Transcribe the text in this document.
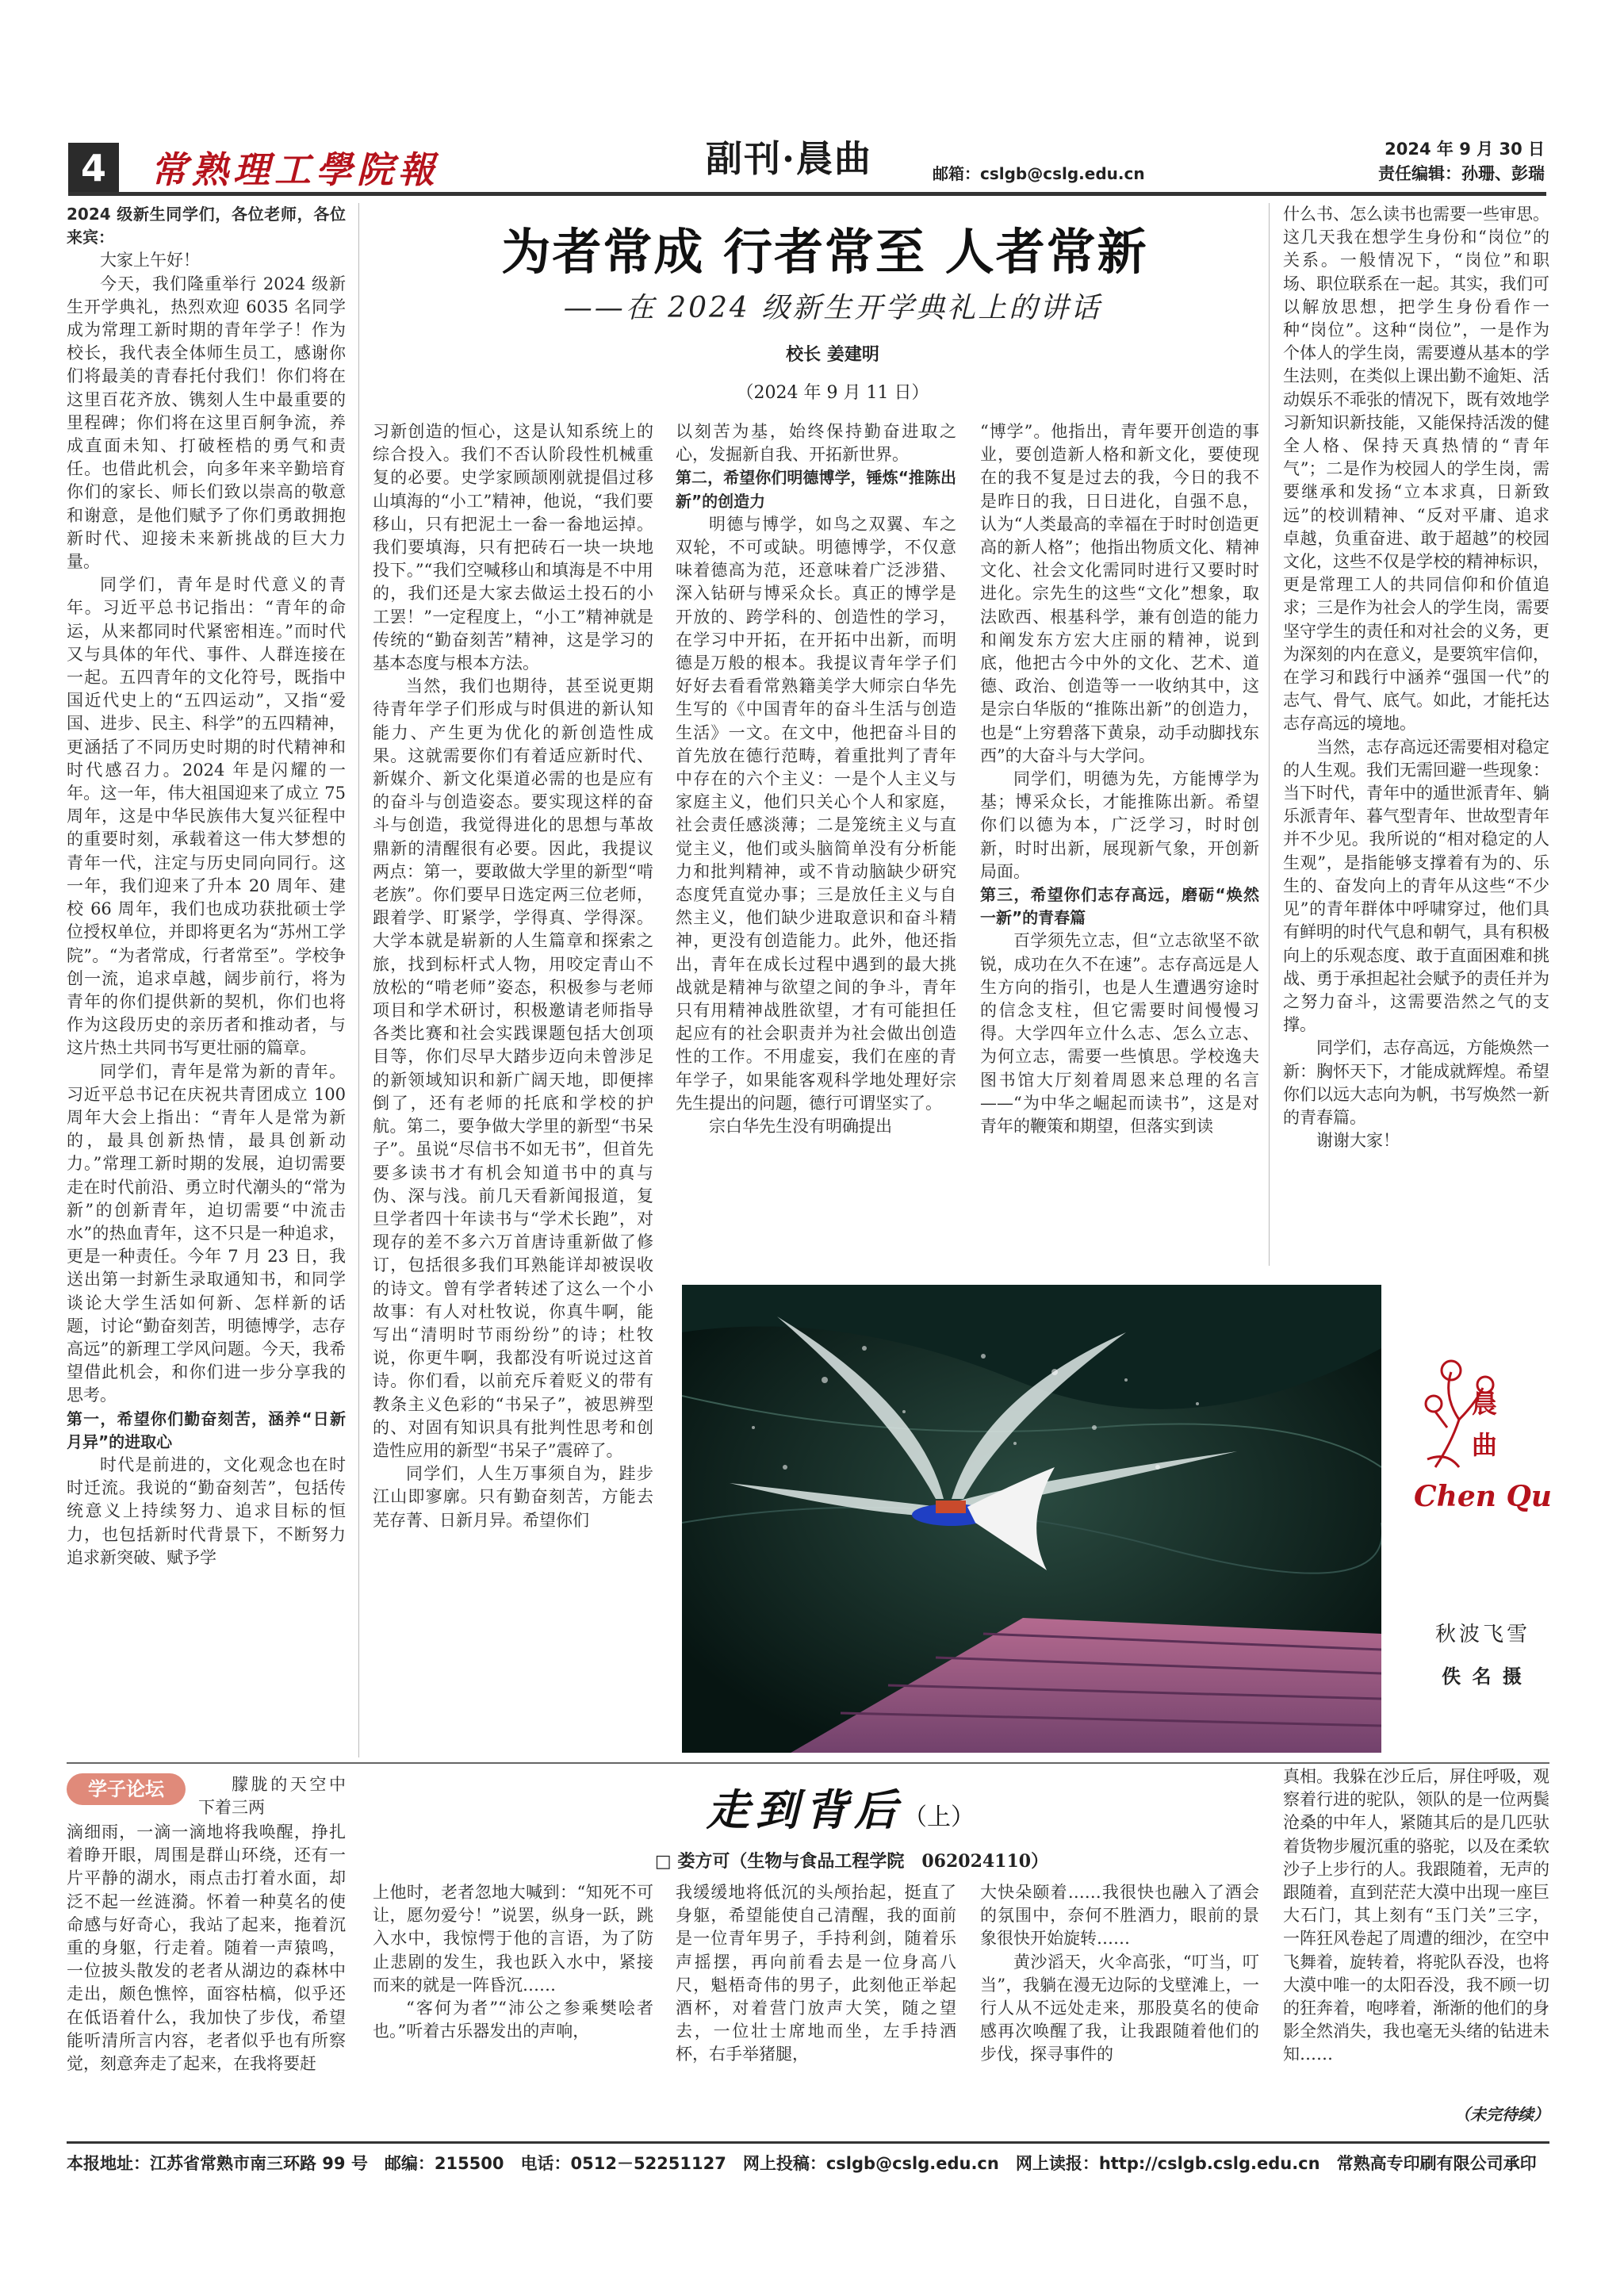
4	常熟理工學院報	副刊·晨曲	邮箱：cslgb@cslg.edu.cn
2024 年 9 月 30 日
责任编辑：孙珊、彭瑞
为者常成 行者常至 人者常新
——在 2024 级新生开学典礼上的讲话
校长 姜建明
（2024 年 9 月 11 日）

2024 级新生同学们，各位老师，各位来宾：

大家上午好！

今天，我们隆重举行 2024 级新生开学典礼，热烈欢迎 6035 名同学成为常理工新时期的青年学子！作为校长，我代表全体师生员工，感谢你们将最美的青春托付我们！你们将在这里百花齐放、镌刻人生中最重要的里程碑；你们将在这里百舸争流，养成直面未知、打破桎梏的勇气和责任。也借此机会，向多年来辛勤培育你们的家长、师长们致以崇高的敬意和谢意，是他们赋予了你们勇敢拥抱新时代、迎接未来新挑战的巨大力量。

同学们，青年是时代意义的青年。习近平总书记指出：“青年的命运，从来都同时代紧密相连。”而时代又与具体的年代、事件、人群连接在一起。五四青年的文化符号，既指中国近代史上的“五四运动”，又指“爱国、进步、民主、科学”的五四精神，更涵括了不同历史时期的时代精神和时代感召力。2024 年是闪耀的一年。这一年，伟大祖国迎来了成立 75 周年，这是中华民族伟大复兴征程中的重要时刻，承载着这一伟大梦想的青年一代，注定与历史同向同行。这一年，我们迎来了升本 20 周年、建校 66 周年，我们也成功获批硕士学位授权单位，并即将更名为“苏州工学院”。“为者常成，行者常至”。学校争创一流，追求卓越，阔步前行，将为青年的你们提供新的契机，你们也将作为这段历史的亲历者和推动者，与这片热土共同书写更壮丽的篇章。

同学们，青年是常为新的青年。习近平总书记在庆祝共青团成立 100 周年大会上指出：“青年人是常为新的，最具创新热情，最具创新动力。”常理工新时期的发展，迫切需要走在时代前沿、勇立时代潮头的“常为新”的创新青年，迫切需要“中流击水”的热血青年，这不只是一种追求，更是一种责任。今年 7 月 23 日，我送出第一封新生录取通知书，和同学谈论大学生活如何新、怎样新的话题，讨论“勤奋刻苦，明德博学，志存高远”的新理工学风问题。今天，我希望借此机会，和你们进一步分享我的思考。

第一，希望你们勤奋刻苦，涵养“日新月异”的进取心

时代是前进的，文化观念也在时时迁流。我说的“勤奋刻苦”，包括传统意义上持续努力、追求目标的恒力，也包括新时代背景下，不断努力追求新突破、赋予学

习新创造的恒心，这是认知系统上的综合投入。我们不否认阶段性机械重复的必要。史学家顾颉刚就提倡过移山填海的“小工”精神，他说，“我们要移山，只有把泥土一畚一畚地运掉。我们要填海，只有把砖石一块一块地投下。”“我们空喊移山和填海是不中用的，我们还是大家去做运土投石的小工罢！”一定程度上，“小工”精神就是传统的“勤奋刻苦”精神，这是学习的基本态度与根本方法。

当然，我们也期待，甚至说更期待青年学子们形成与时俱进的新认知能力、产生更为优化的新创造性成果。这就需要你们有着适应新时代、新媒介、新文化渠道必需的也是应有的奋斗与创造姿态。要实现这样的奋斗与创造，我觉得进化的思想与革故鼎新的清醒很有必要。因此，我提议两点：第一，要敢做大学里的新型“啃老族”。你们要早日选定两三位老师，跟着学、盯紧学，学得真、学得深。大学本就是崭新的人生篇章和探索之旅，找到标杆式人物，用咬定青山不放松的“啃老师”姿态，积极参与老师项目和学术研讨，积极邀请老师指导各类比赛和社会实践课题包括大创项目等，你们尽早大踏步迈向未曾涉足的新领域知识和新广阔天地，即便摔倒了，还有老师的托底和学校的护航。第二，要争做大学里的新型“书呆子”。虽说“尽信书不如无书”，但首先要多读书才有机会知道书中的真与伪、深与浅。前几天看新闻报道，复旦学者四十年读书与“学术长跑”，对现存的差不多六万首唐诗重新做了修订，包括很多我们耳熟能详却被误收的诗文。曾有学者转述了这么一个小故事：有人对杜牧说，你真牛啊，能写出“清明时节雨纷纷”的诗；杜牧说，你更牛啊，我都没有听说过这首诗。你们看，以前充斥着贬义的带有教条主义色彩的“书呆子”，被思辨型的、对固有知识具有批判性思考和创造性应用的新型“书呆子”震碎了。

同学们，人生万事须自为，跬步江山即寥廓。只有勤奋刻苦，方能去芜存菁、日新月异。希望你们

以刻苦为基，始终保持勤奋进取之心，发掘新自我、开拓新世界。

第二，希望你们明德博学，锤炼“推陈出新”的创造力

明德与博学，如鸟之双翼、车之双轮，不可或缺。明德博学，不仅意味着德高为范，还意味着广泛涉猎、深入钻研与博采众长。真正的博学是开放的、跨学科的、创造性的学习，在学习中开拓，在开拓中出新，而明德是万般的根本。我提议青年学子们好好去看看常熟籍美学大师宗白华先生写的《中国青年的奋斗生活与创造生活》一文。在文中，他把奋斗目的首先放在德行范畴，着重批判了青年中存在的六个主义：一是个人主义与家庭主义，他们只关心个人和家庭，社会责任感淡薄；二是笼统主义与直觉主义，他们或头脑简单没有分析能力和批判精神，或不肯动脑缺少研究态度凭直觉办事；三是放任主义与自然主义，他们缺少进取意识和奋斗精神，更没有创造能力。此外，他还指出，青年在成长过程中遇到的最大挑战就是精神与欲望之间的争斗，青年只有用精神战胜欲望，才有可能担任起应有的社会职责并为社会做出创造性的工作。不用虚妄，我们在座的青年学子，如果能客观科学地处理好宗先生提出的问题，德行可谓坚实了。

宗白华先生没有明确提出

“博学”。他指出，青年要开创造的事业，要创造新人格和新文化，要使现在的我不复是过去的我，今日的我不是昨日的我，日日进化，自强不息，认为“人类最高的幸福在于时时创造更高的新人格”；他指出物质文化、精神文化、社会文化需同时进行又要时时进化。宗先生的这些“文化”想象，取法欧西、根基科学，兼有创造的能力和阐发东方宏大庄丽的精神，说到底，他把古今中外的文化、艺术、道德、政治、创造等一一收纳其中，这是宗白华版的“推陈出新”的创造力，也是“上穷碧落下黄泉，动手动脚找东西”的大奋斗与大学问。

同学们，明德为先，方能博学为基；博采众长，才能推陈出新。希望你们以德为本，广泛学习，时时创新，时时出新，展现新气象，开创新局面。

第三，希望你们志存高远，磨砺“焕然一新”的青春篇

百学须先立志，但“立志欲坚不欲锐，成功在久不在速”。志存高远是人生方向的指引，也是人生遭遇穷途时的信念支柱，但它需要时间慢慢习得。大学四年立什么志、怎么立志、为何立志，需要一些慎思。学校逸夫图书馆大厅刻着周恩来总理的名言——“为中华之崛起而读书”，这是对青年的鞭策和期望，但落实到读

什么书、怎么读书也需要一些审思。这几天我在想学生身份和“岗位”的关系。一般情况下，“岗位”和职场、职位联系在一起。其实，我们可以解放思想，把学生身份看作一种“岗位”。这种“岗位”，一是作为个体人的学生岗，需要遵从基本的学生法则，在类似上课出勤不逾矩、活动娱乐不乖张的情况下，既有效地学习新知识新技能，又能保持活泼的健全人格、保持天真热情的“青年气”；二是作为校园人的学生岗，需要继承和发扬“立本求真，日新致远”的校训精神、“反对平庸、追求卓越，负重奋进、敢于超越”的校园文化，这些不仅是学校的精神标识，更是常理工人的共同信仰和价值追求；三是作为社会人的学生岗，需要坚守学生的责任和对社会的义务，更为深刻的内在意义，是要筑牢信仰，在学习和践行中涵养“强国一代”的志气、骨气、底气。如此，才能托达志存高远的境地。

当然，志存高远还需要相对稳定的人生观。我们无需回避一些现象：当下时代，青年中的遁世派青年、躺乐派青年、暮气型青年、世故型青年并不少见。我所说的“相对稳定的人生观”，是指能够支撑着有为的、乐生的、奋发向上的青年从这些“不少见”的青年群体中呼啸穿过，他们具有鲜明的时代气息和朝气，具有积极向上的乐观态度、敢于直面困难和挑战、勇于承担起社会赋予的责任并为之努力奋斗，这需要浩然之气的支撑。

同学们，志存高远，方能焕然一新：胸怀天下，才能成就辉煌。希望你们以远大志向为帆，书写焕然一新的青春篇。

谢谢大家！

晨曲
Chen Qu
秋波飞雪
佚 名 摄
学子论坛	朦胧的天空中下着三两	走到背后（上）
□ 娄方可（生物与食品工程学院　062024110）
滴细雨，一滴一滴地将我唤醒，挣扎着睁开眼，周围是群山环绕，还有一片平静的湖水，雨点击打着水面，却泛不起一丝涟漪。怀着一种莫名的使命感与好奇心，我站了起来，拖着沉重的身躯，行走着。随着一声猿鸣，一位披头散发的老者从湖边的森林中走出，颇色憔悴，面容枯槁，似乎还在低语着什么，我加快了步伐，希望能听清所言内容，老者似乎也有所察觉，刻意奔走了起来，在我将要赶

上他时，老者忽地大喊到：“知死不可让，愿勿爱兮！”说罢，纵身一跃，跳入水中，我惊愕于他的言语，为了防止悲剧的发生，我也跃入水中，紧接而来的就是一阵昏沉……

“客何为者”“沛公之参乘樊哙者也。”听着古乐器发出的声响，

我缓缓地将低沉的头颅抬起，挺直了身躯，希望能使自己清醒，我的面前是一位青年男子，手持利剑，随着乐声摇摆，再向前看去是一位身高八尺，魁梧奇伟的男子，此刻他正举起酒杯，对着营门放声大笑，随之望去，一位壮士席地而坐，左手持酒杯，右手举猪腿，

大快朵颐着……我很快也融入了酒会的氛围中，奈何不胜酒力，眼前的景象很快开始旋转……

黄沙滔天，火伞高张，“叮当，叮当”，我躺在漫无边际的戈壁滩上，一行人从不远处走来，那股莫名的使命感再次唤醒了我，让我跟随着他们的步伐，探寻事件的

真相。我躲在沙丘后，屏住呼吸，观察着行进的驼队，领队的是一位两鬓沧桑的中年人，紧随其后的是几匹驮着货物步履沉重的骆驼，以及在柔软沙子上步行的人。我跟随着，无声的跟随着，直到茫茫大漠中出现一座巨大石门，其上刻有“玉门关”三字，一阵狂风卷起了周遭的细沙，在空中飞舞着，旋转着，将驼队吞没，也将大漠中唯一的太阳吞没，我不顾一切的狂奔着，咆哮着，渐渐的他们的身影全然消失，我也毫无头绪的钻进未知……
（未完待续）
本报地址：江苏省常熟市南三环路 99 号　邮编：215500　电话：0512－52251127　网上投稿：cslgb@cslg.edu.cn　网上读报：http://cslgb.cslg.edu.cn　常熟高专印刷有限公司承印
